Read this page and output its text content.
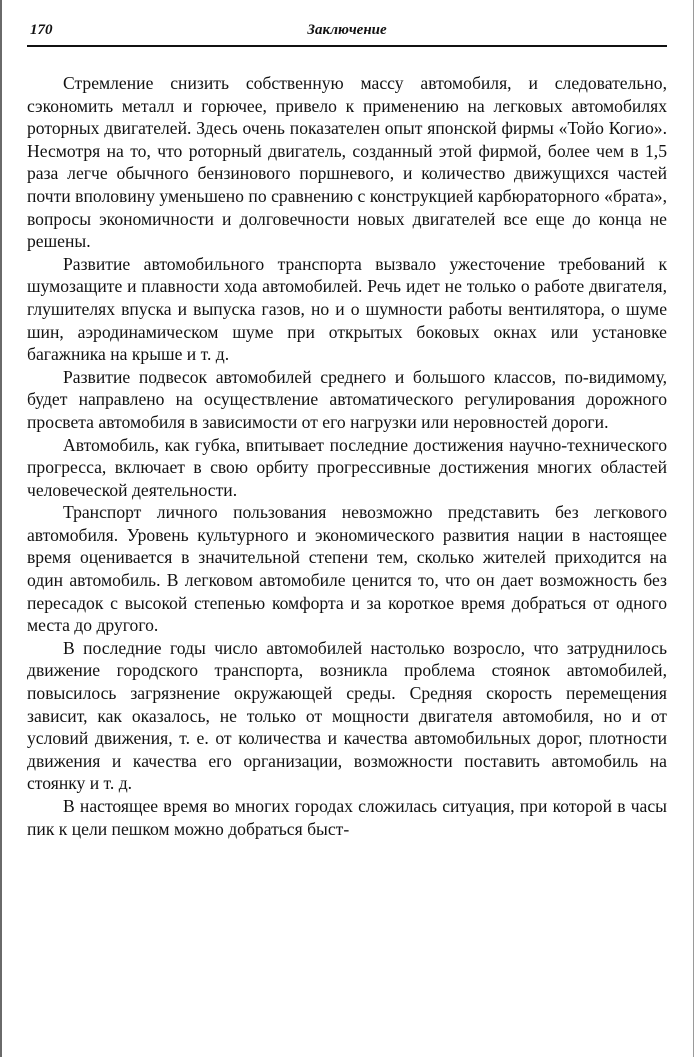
170	Заключение

Стремление снизить собственную массу автомобиля, и следовательно, сэкономить металл и горючее, привело к применению на легковых автомобилях роторных двигателей. Здесь очень показателен опыт японской фирмы «Тойо Когио». Несмотря на то, что роторный двигатель, созданный этой фирмой, более чем в 1,5 раза легче обычного бензинового поршневого, и количество движущихся частей почти вполовину уменьшено по сравнению с конструкцией карбюраторного «брата», вопросы экономичности и долговечности новых двигателей все еще до конца не решены.

Развитие автомобильного транспорта вызвало ужесточение требований к шумозащите и плавности хода автомобилей. Речь идет не только о работе двигателя, глушителях впуска и выпуска газов, но и о шумности работы вентилятора, о шуме шин, аэродинамическом шуме при открытых боковых окнах или установке багажника на крыше и т. д.

Развитие подвесок автомобилей среднего и большого классов, по-видимому, будет направлено на осуществление автоматического регулирования дорожного просвета автомобиля в зависимости от его нагрузки или неровностей дороги.

Автомобиль, как губка, впитывает последние достижения научно-технического прогресса, включает в свою орбиту прогрессивные достижения многих областей человеческой деятельности.

Транспорт личного пользования невозможно представить без легкового автомобиля. Уровень культурного и экономического развития нации в настоящее время оценивается в значительной степени тем, сколько жителей приходится на один автомобиль. В легковом автомобиле ценится то, что он дает возможность без пересадок с высокой степенью комфорта и за короткое время добраться от одного места до другого.

В последние годы число автомобилей настолько возросло, что затруднилось движение городского транспорта, возникла проблема стоянок автомобилей, повысилось загрязнение окружающей среды. Средняя скорость перемещения зависит, как оказалось, не только от мощности двигателя автомобиля, но и от условий движения, т. е. от количества и качества автомобильных дорог, плотности движения и качества его организации, возможности поставить автомобиль на стоянку и т. д.

В настоящее время во многих городах сложилась ситуация, при которой в часы пик к цели пешком можно добраться быст-
